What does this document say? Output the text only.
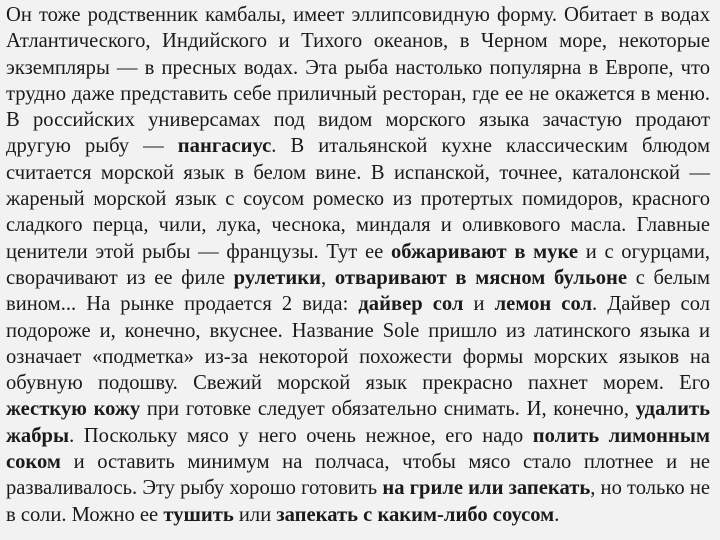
Он тоже родственник камбалы, имеет эллипсовидную форму. Обитает в водах Атлантического, Индийского и Тихого океанов, в Черном море, некоторые экземпляры — в пресных водах. Эта рыба настолько популярна в Европе, что трудно даже представить себе приличный ресторан, где ее не окажется в меню. В российских универсамах под видом морского языка зачастую продают другую рыбу — пангасиус. В итальянской кухне классическим блюдом считается морской язык в белом вине. В испанской, точнее, каталонской — жареный морской язык с соусом ромеско из протертых помидоров, красного сладкого перца, чили, лука, чеснока, миндаля и оливкового масла. Главные ценители этой рыбы — французы. Тут ее обжаривают в муке и с огурцами, сворачивают из ее филе рулетики, отваривают в мясном бульоне с белым вином... На рынке продается 2 вида: дайвер сол и лемон сол. Дайвер сол подороже и, конечно, вкуснее. Название Sole пришло из латинского языка и означает «подметка» из-за некоторой похожести формы морских языков на обувную подошву. Свежий морской язык прекрасно пахнет морем. Его жесткую кожу при готовке следует обязательно снимать. И, конечно, удалить жабры. Поскольку мясо у него очень нежное, его надо полить лимонным соком и оставить минимум на полчаса, чтобы мясо стало плотнее и не разваливалось. Эту рыбу хорошо готовить на гриле или запекать, но только не в соли. Можно ее тушить или запекать с каким-либо соусом.
